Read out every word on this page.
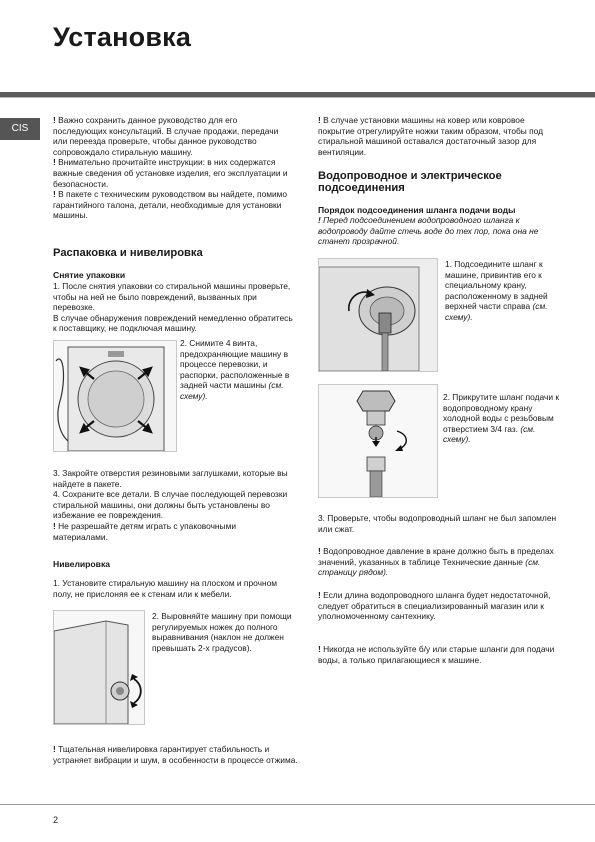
Установка
CIS

! Важно сохранить данное руководство для его последующих консультаций. В случае продажи, передачи или переезда проверьте, чтобы данное руководство сопровождало стиральную машину.

! Внимательно прочитайте инструкции: в них содержатся важные сведения об установке изделия, его эксплуатации и безопасности.

! В пакете с техническим руководством вы найдете, помимо гарантийного талона, детали, необходимые для установки машины.

Распаковка и нивелировка
Снятие упаковки

1. После снятия упаковки со стиральной машины проверьте, чтобы на ней не было повреждений, вызванных при перевозке.

В случае обнаружения повреждений немедленно обратитесь к поставщику, не подключая машину.

2. Снимите 4 винта, предохраняющие машину в процессе перевозки, и распорки, расположенные в задней части машины (см. схему).

3. Закройте отверстия резиновыми заглушками, которые вы найдете в пакете.

4. Сохраните все детали. В случае последующей перевозки стиральной машины, они должны быть установлены во избежание ее повреждения.

! Не разрешайте детям играть с упаковочными материалами.

Нивелировка
1. Установите стиральную машину на плоском и прочном полу, не прислоняя ее к стенам или к мебели.
2. Выровняйте машину при помощи регулируемых ножек до полного выравнивания (наклон не должен превышать 2-х градусов).
! Тщательная нивелировка гарантирует стабильность и устраняет вибрации и шум, в особенности в процессе отжима.
! В случае установки машины на ковер или ковровое покрытие отрегулируйте ножки таким образом, чтобы под стиральной машиной оставался достаточный зазор для вентиляции.
Водопроводное и электрическое подсоединения
Порядок подсоединения шланга подачи воды
! Перед подсоединением водопроводного шланга к водопроводу дайте стечь воде до тех пор, пока она не станет прозрачной.
1. Подсоедините шланг к машине, привинтив его к специальному крану, расположенному в задней верхней части справа (см. схему).
2. Прикрутите шланг подачи к водопроводному крану холодной воды с резьбовым отверстием 3/4 газ. (см. схему).
3. Проверьте, чтобы водопроводный шланг не был запомлен или сжат.
! Водопроводное давление в кране должно быть в пределах значений, указанных в таблице Технические данные (см. страницу рядом).
! Если длина водопроводного шланга будет недостаточной, следует обратиться в специализированный магазин или к уполномоченному сантехнику.
! Никогда не используйте б/у или старые шланги для подачи воды, а только прилагающиеся к машине.
2
